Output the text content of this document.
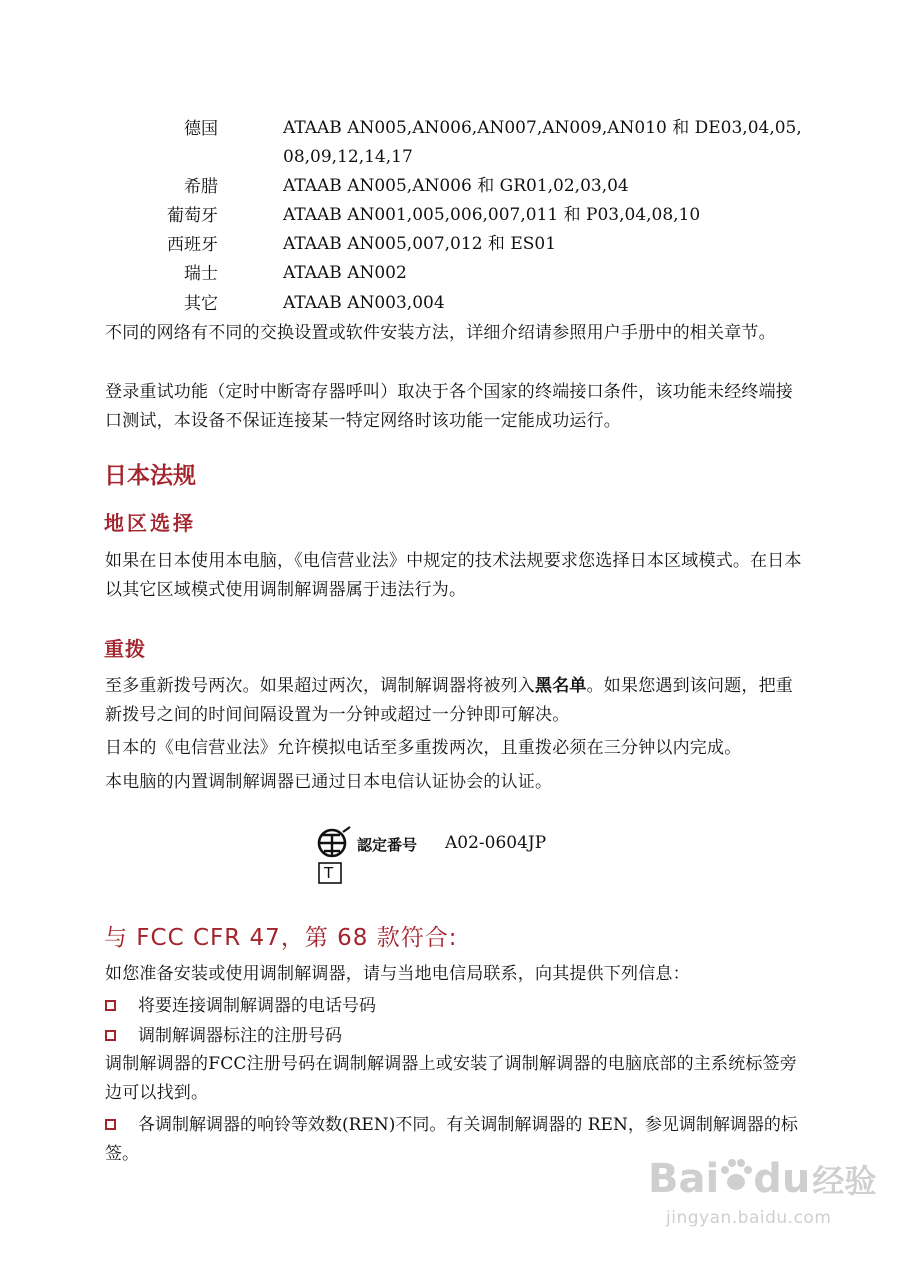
德国	ATAAB AN005,AN006,AN007,AN009,AN010 和 DE03,04,05,
08,09,12,14,17
希腊	ATAAB AN005,AN006 和 GR01,02,03,04
葡萄牙	ATAAB AN001,005,006,007,011 和 P03,04,08,10
西班牙	ATAAB AN005,007,012 和 ES01
瑞士	ATAAB AN002
其它	ATAAB AN003,004
不同的网络有不同的交换设置或软件安装方法，详细介绍请参照用户手册中的相关章节。
登录重试功能（定时中断寄存器呼叫）取决于各个国家的终端接口条件，该功能未经终端接口测试，本设备不保证连接某一特定网络时该功能一定能成功运行。
日本法规
地区选择
如果在日本使用本电脑，《电信营业法》中规定的技术法规要求您选择日本区域模式。在日本以其它区域模式使用调制解调器属于违法行为。
重拨
至多重新拨号两次。如果超过两次，调制解调器将被列入黑名单。如果您遇到该问题，把重新拨号之间的时间间隔设置为一分钟或超过一分钟即可解决。
日本的《电信营业法》允许模拟电话至多重拨两次，且重拨必须在三分钟以内完成。
本电脑的内置调制解调器已通过日本电信认证协会的认证。
T
認定番号 A02-0604JP
与 FCC CFR 47，第 68 款符合:
如您准备安装或使用调制解调器，请与当地电信局联系，向其提供下列信息：
将要连接调制解调器的电话号码
调制解调器标注的注册号码
调制解调器的FCC注册号码在调制解调器上或安装了调制解调器的电脑底部的主系统标签旁边可以找到。
各调制解调器的响铃等效数(REN)不同。有关调制解调器的 REN，参见调制解调器的标签。
Bai du经验
jingyan.baidu.com
